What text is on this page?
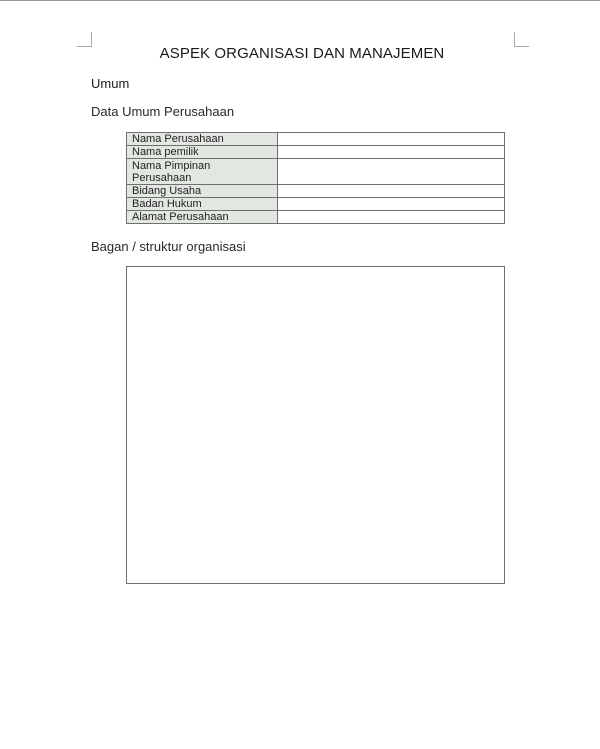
ASPEK ORGANISASI DAN MANAJEMEN
Umum
Data Umum Perusahaan
Nama Perusahaan	
Nama pemilik	
Nama Pimpinan Perusahaan	
Bidang Usaha	
Badan Hukum	
Alamat Perusahaan	
Bagan / struktur organisasi
